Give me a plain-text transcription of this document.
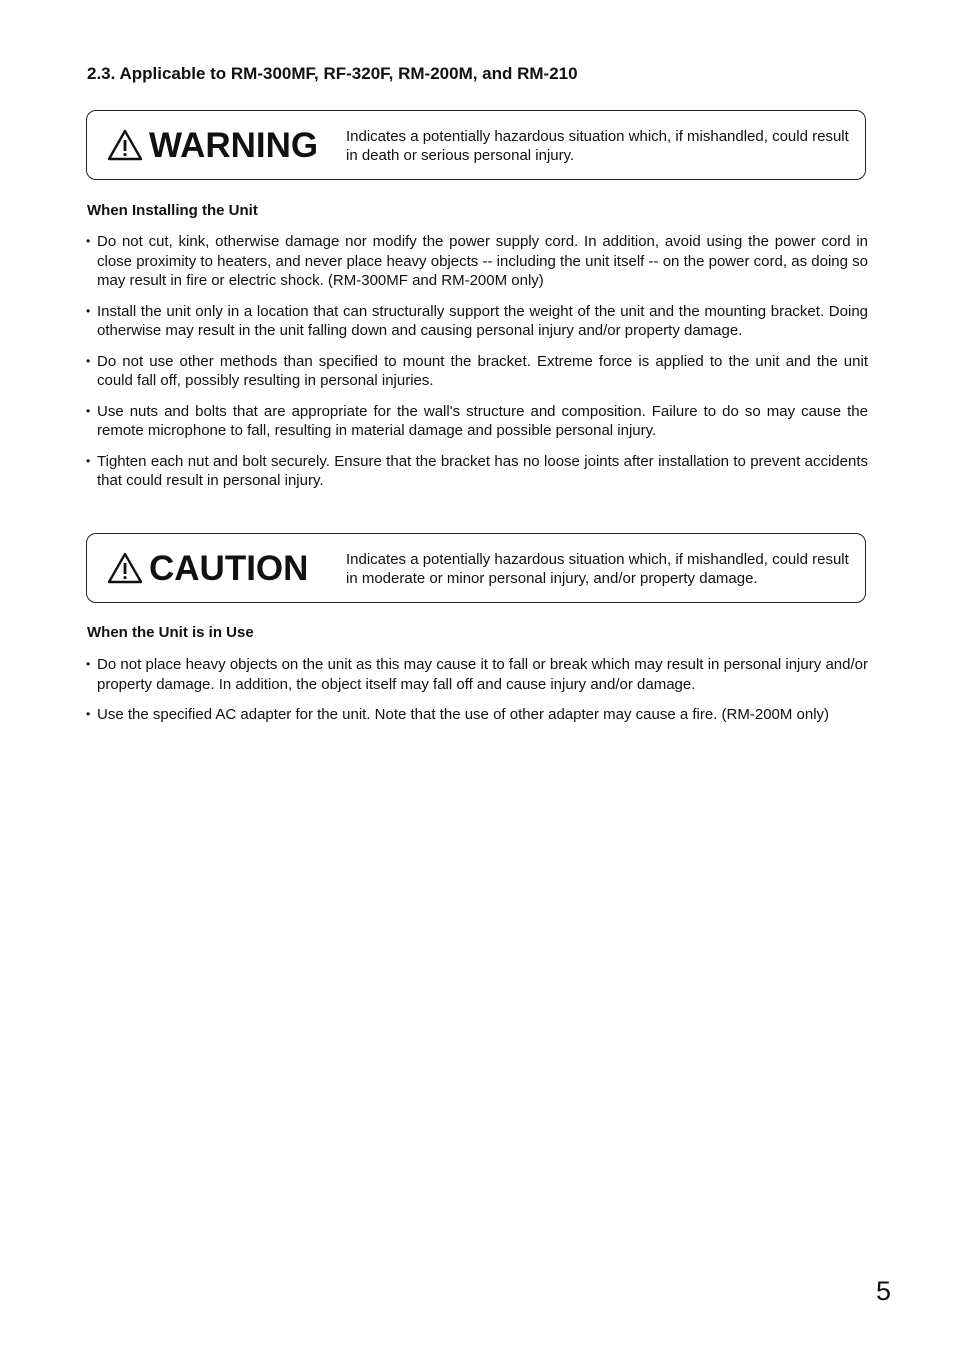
2.3. Applicable to RM-300MF, RF-320F, RM-200M, and RM-210
WARNING Indicates a potentially hazardous situation which, if mishandled, could result in death or serious personal injury.

When Installing the Unit
• Do not cut, kink, otherwise damage nor modify the power supply cord. In addition, avoid using the power cord in close proximity to heaters, and never place heavy objects -- including the unit itself -- on the power cord, as doing so may result in fire or electric shock. (RM-300MF and RM-200M only)
• Install the unit only in a location that can structurally support the weight of the unit and the mounting bracket. Doing otherwise may result in the unit falling down and causing personal injury and/or property damage.
• Do not use other methods than specified to mount the bracket. Extreme force is applied to the unit and the unit could fall off, possibly resulting in personal injuries.
• Use nuts and bolts that are appropriate for the wall's structure and composition. Failure to do so may cause the remote microphone to fall, resulting in material damage and possible personal injury.
• Tighten each nut and bolt securely. Ensure that the bracket has no loose joints after installation to prevent accidents that could result in personal injury.
CAUTION	Indicates a potentially hazardous situation which, if mishandled, could result in moderate or minor personal injury, and/or property damage.

When the Unit is in Use
• Do not place heavy objects on the unit as this may cause it to fall or break which may result in personal injury and/or property damage. In addition, the object itself may fall off and cause injury and/or damage.
• Use the specified AC adapter for the unit. Note that the use of other adapter may cause a fire. (RM-200M only)

5
